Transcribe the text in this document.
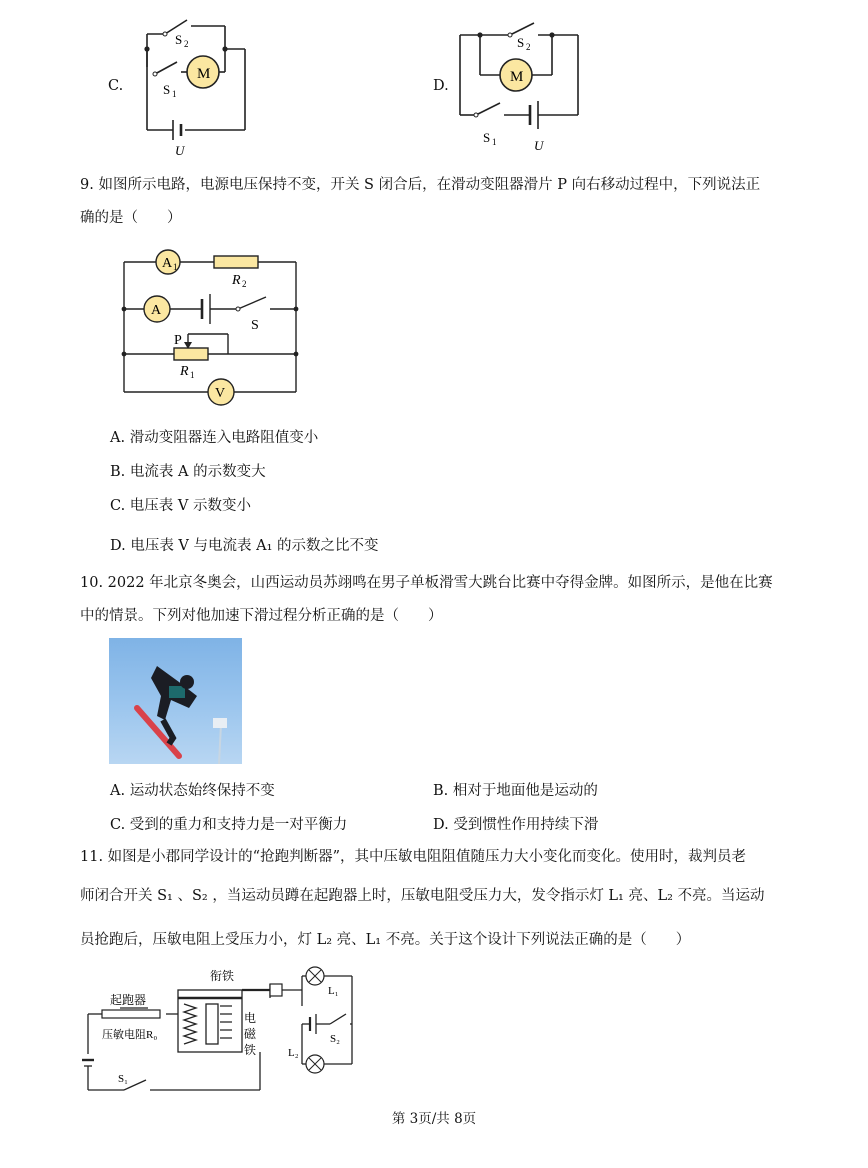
C.
M
S 2
S 1
U
D.
M
S 2
S 1	U
9. 如图所示电路，电源电压保持不变，开关 S 闭合后，在滑动变阻器滑片 P 向右移动过程中，下列说法正
确的是（　　）
A 1
A
V
R 2
S
P
R 1
A. 滑动变阻器连入电路阻值变小
B. 电流表 A 的示数变大
C. 电压表 V 示数变小
D. 电压表 V 与电流表 A₁ 的示数之比不变
10. 2022 年北京冬奥会，山西运动员苏翊鸣在男子单板滑雪大跳台比赛中夺得金牌。如图所示，是他在比赛
中的情景。下列对他加速下滑过程分析正确的是（　　）
A. 运动状态始终保持不变	B. 相对于地面他是运动的
C. 受到的重力和支持力是一对平衡力	D. 受到惯性作用持续下滑
11. 如图是小郡同学设计的“抢跑判断器”，其中压敏电阻阻值随压力大小变化而变化。使用时，裁判员老
师闭合开关 S₁ 、S₂ ，当运动员蹲在起跑器上时，压敏电阻受压力大，发令指示灯 L₁ 亮、L₂ 不亮。当运动
员抢跑后，压敏电阻上受压力小，灯 L₂ 亮、L₁ 不亮。关于这个设计下列说法正确的是（　　）
衔铁
起跑器
压敏电阻R₀
电
磁
铁
L₁
L₂
S₂
S₁
第 3页/共 8页
